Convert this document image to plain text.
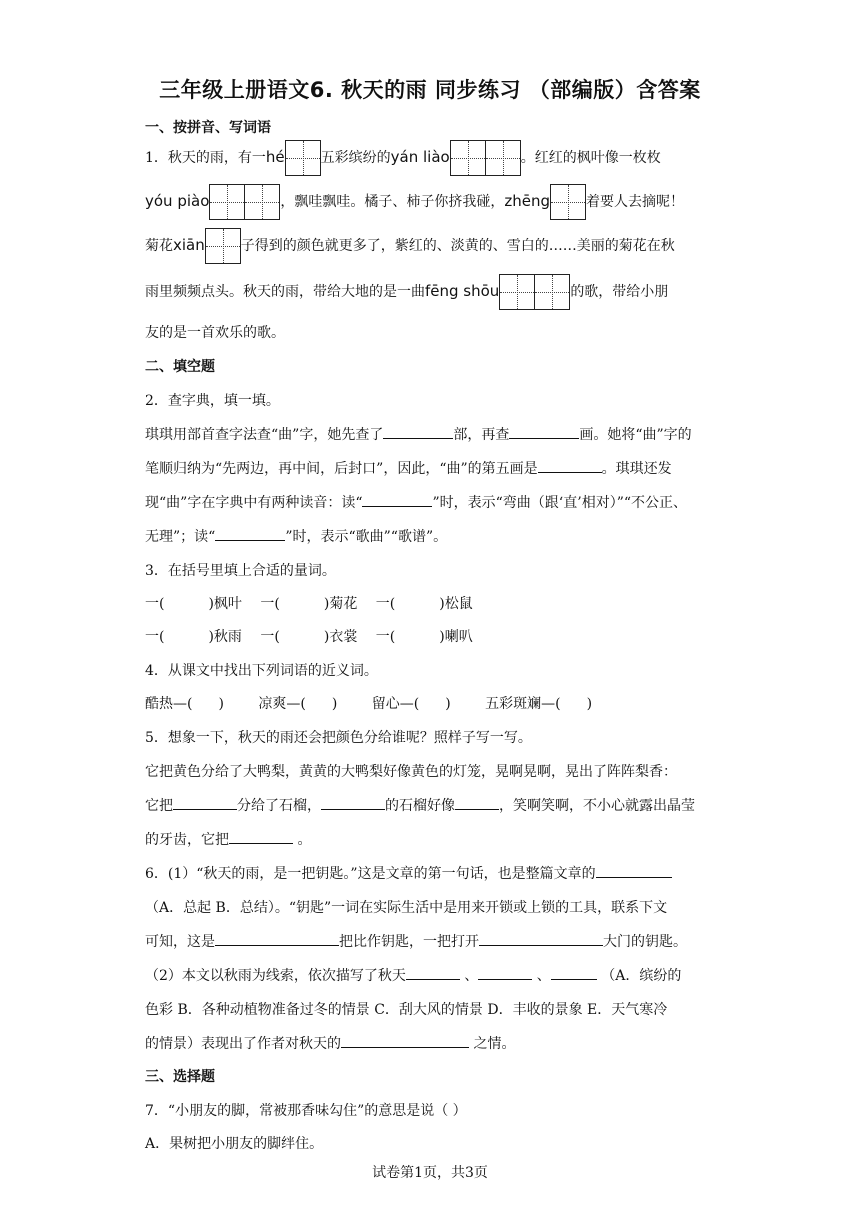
三年级上册语文6. 秋天的雨 同步练习 （部编版）含答案
一、按拼音、写词语
1．秋天的雨，有一hé	五彩缤纷的yán liào	。红红的枫叶像一枚枚
yóu piào	，飘哇飘哇。橘子、柿子你挤我碰，zhēng	着要人去摘呢！
菊花xiān	子得到的颜色就更多了，紫红的、淡黄的、雪白的……美丽的菊花在秋
雨里频频点头。秋天的雨，带给大地的是一曲fēng shōu	的歌，带给小朋
友的是一首欢乐的歌。
二、填空题
2．查字典，填一填。
琪琪用部首查字法查“曲”字，她先查了	部，再查	画。她将“曲”字的
笔顺归纳为“先两边，再中间，后封口”，因此，“曲”的第五画是	。琪琪还发
现“曲”字在字典中有两种读音：读“	”时，表示“弯曲（跟‘直’相对）”“不公正、
无理”；读“	”时，表示“歌曲”“歌谱”。
3．在括号里填上合适的量词。
一(	)枫叶 一(	)菊花 一(	)松鼠
一(	)秋雨 一(	)衣裳 一(	)喇叭
4．从课文中找出下列词语的近义词。
酷热—( ) 凉爽—( ) 留心—( ) 五彩斑斓—( )
5．想象一下，秋天的雨还会把颜色分给谁呢？照样子写一写。
它把黄色分给了大鸭梨，黄黄的大鸭梨好像黄色的灯笼，晃啊晃啊，晃出了阵阵梨香：
它把	分给了石榴，	的石榴好像	，笑啊笑啊，不小心就露出晶莹
的牙齿，它把	。
6．(1）“秋天的雨，是一把钥匙。”这是文章的第一句话，也是整篇文章的
（A．总起 B．总结）。“钥匙”一词在实际生活中是用来开锁或上锁的工具，联系下文
可知，这是	把比作钥匙，一把打开	大门的钥匙。
（2）本文以秋雨为线索，依次描写了秋天	、	、	（A．缤纷的
色彩 B．各种动植物准备过冬的情景 C．刮大风的情景 D．丰收的景象 E．天气寒冷
的情景）表现出了作者对秋天的	之情。
三、选择题
7．“小朋友的脚，常被那香味勾住”的意思是说（ ）
A．果树把小朋友的脚绊住。
试卷第1页，共3页
